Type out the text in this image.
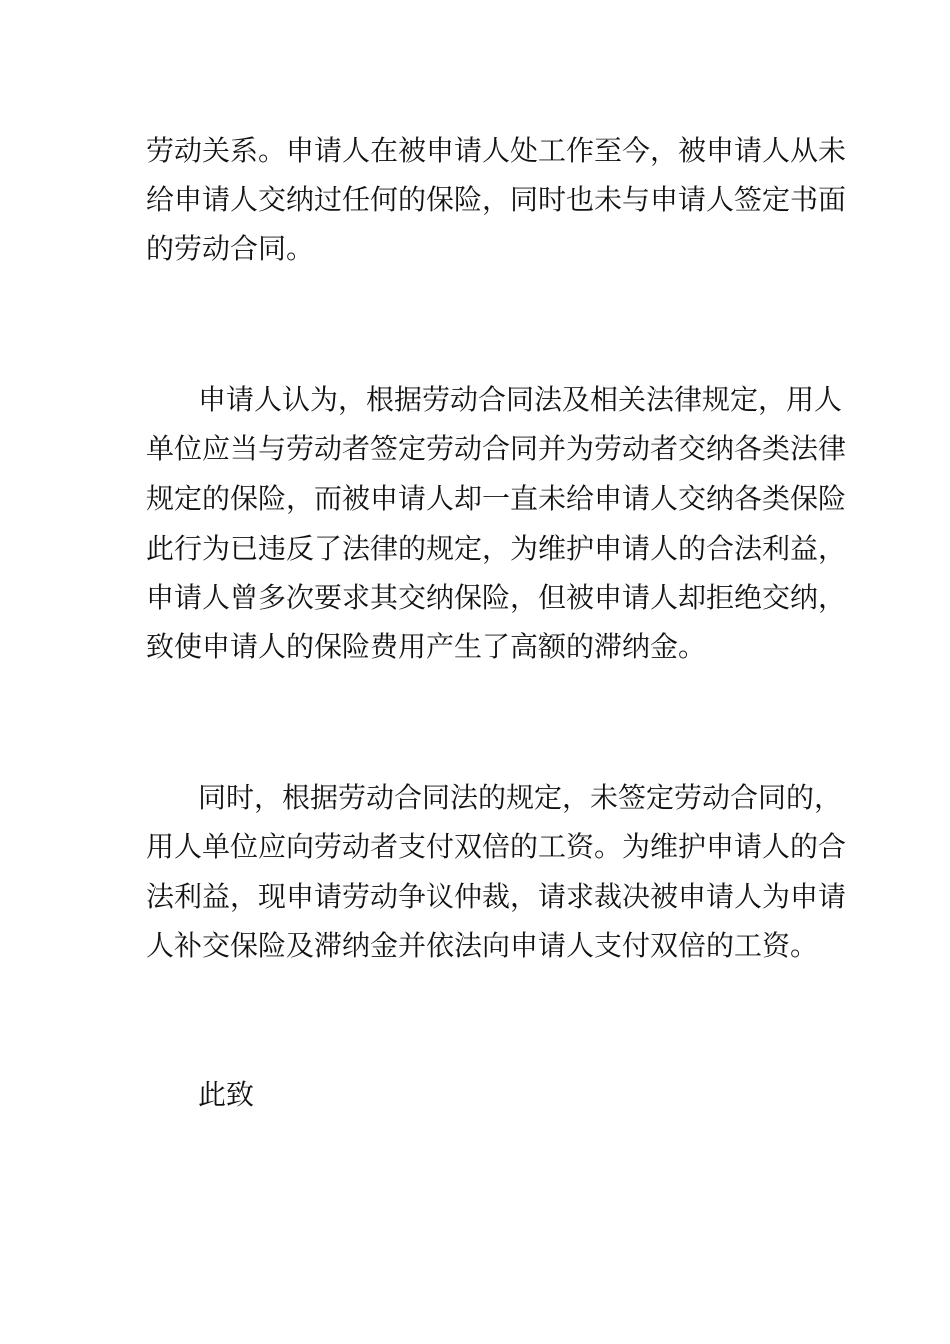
劳动关系。申请人在被申请人处工作至今，被申请人从未
给申请人交纳过任何的保险，同时也未与申请人签定书面
的劳动合同。
申请人认为，根据劳动合同法及相关法律规定，用人
单位应当与劳动者签定劳动合同并为劳动者交纳各类法律
规定的保险，而被申请人却一直未给申请人交纳各类保险
此行为已违反了法律的规定，为维护申请人的合法利益，
申请人曾多次要求其交纳保险，但被申请人却拒绝交纳，
致使申请人的保险费用产生了高额的滞纳金。
同时，根据劳动合同法的规定，未签定劳动合同的，
用人单位应向劳动者支付双倍的工资。为维护申请人的合
法利益，现申请劳动争议仲裁，请求裁决被申请人为申请
人补交保险及滞纳金并依法向申请人支付双倍的工资。
此致
